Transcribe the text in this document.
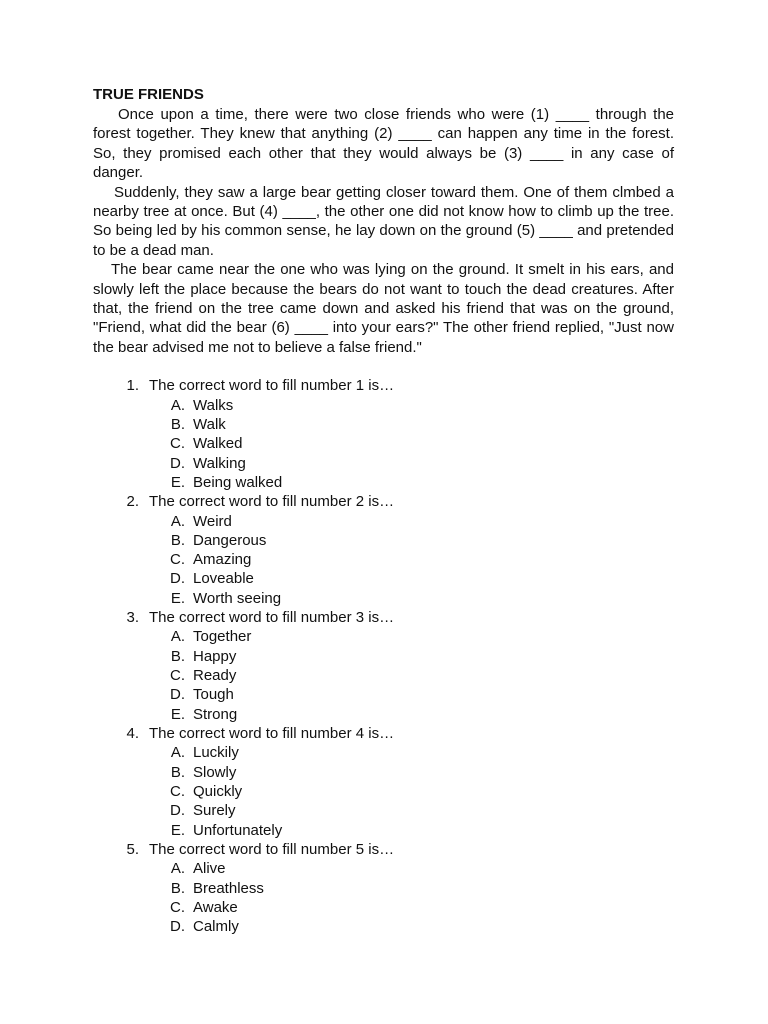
TRUE FRIENDS

Once upon a time, there were two close friends who were (1) ____ through the forest together. They knew that anything (2) ____ can happen any time in the forest. So, they promised each other that they would always be (3) ____ in any case of danger.

Suddenly, they saw a large bear getting closer toward them. One of them clmbed a nearby tree at once. But (4) ____, the other one did not know how to climb up the tree. So being led by his common sense, he lay down on the ground (5) ____ and pretended to be a dead man.

The bear came near the one who was lying on the ground. It smelt in his ears, and slowly left the place because the bears do not want to touch the dead creatures. After that, the friend on the tree came down and asked his friend that was on the ground, "Friend, what did the bear (6) ____ into your ears?" The other friend replied, "Just now the bear advised me not to believe a false friend."

1. The correct word to fill number 1 is…
A. Walks
B. Walk
C. Walked
D. Walking
E. Being walked
2. The correct word to fill number 2 is…
A. Weird
B. Dangerous
C. Amazing
D. Loveable
E. Worth seeing
3. The correct word to fill number 3 is…
A. Together
B. Happy
C. Ready
D. Tough
E. Strong
4. The correct word to fill number 4 is…
A. Luckily
B. Slowly
C. Quickly
D. Surely
E. Unfortunately
5. The correct word to fill number 5 is…
A. Alive
B. Breathless
C. Awake
D. Calmly
